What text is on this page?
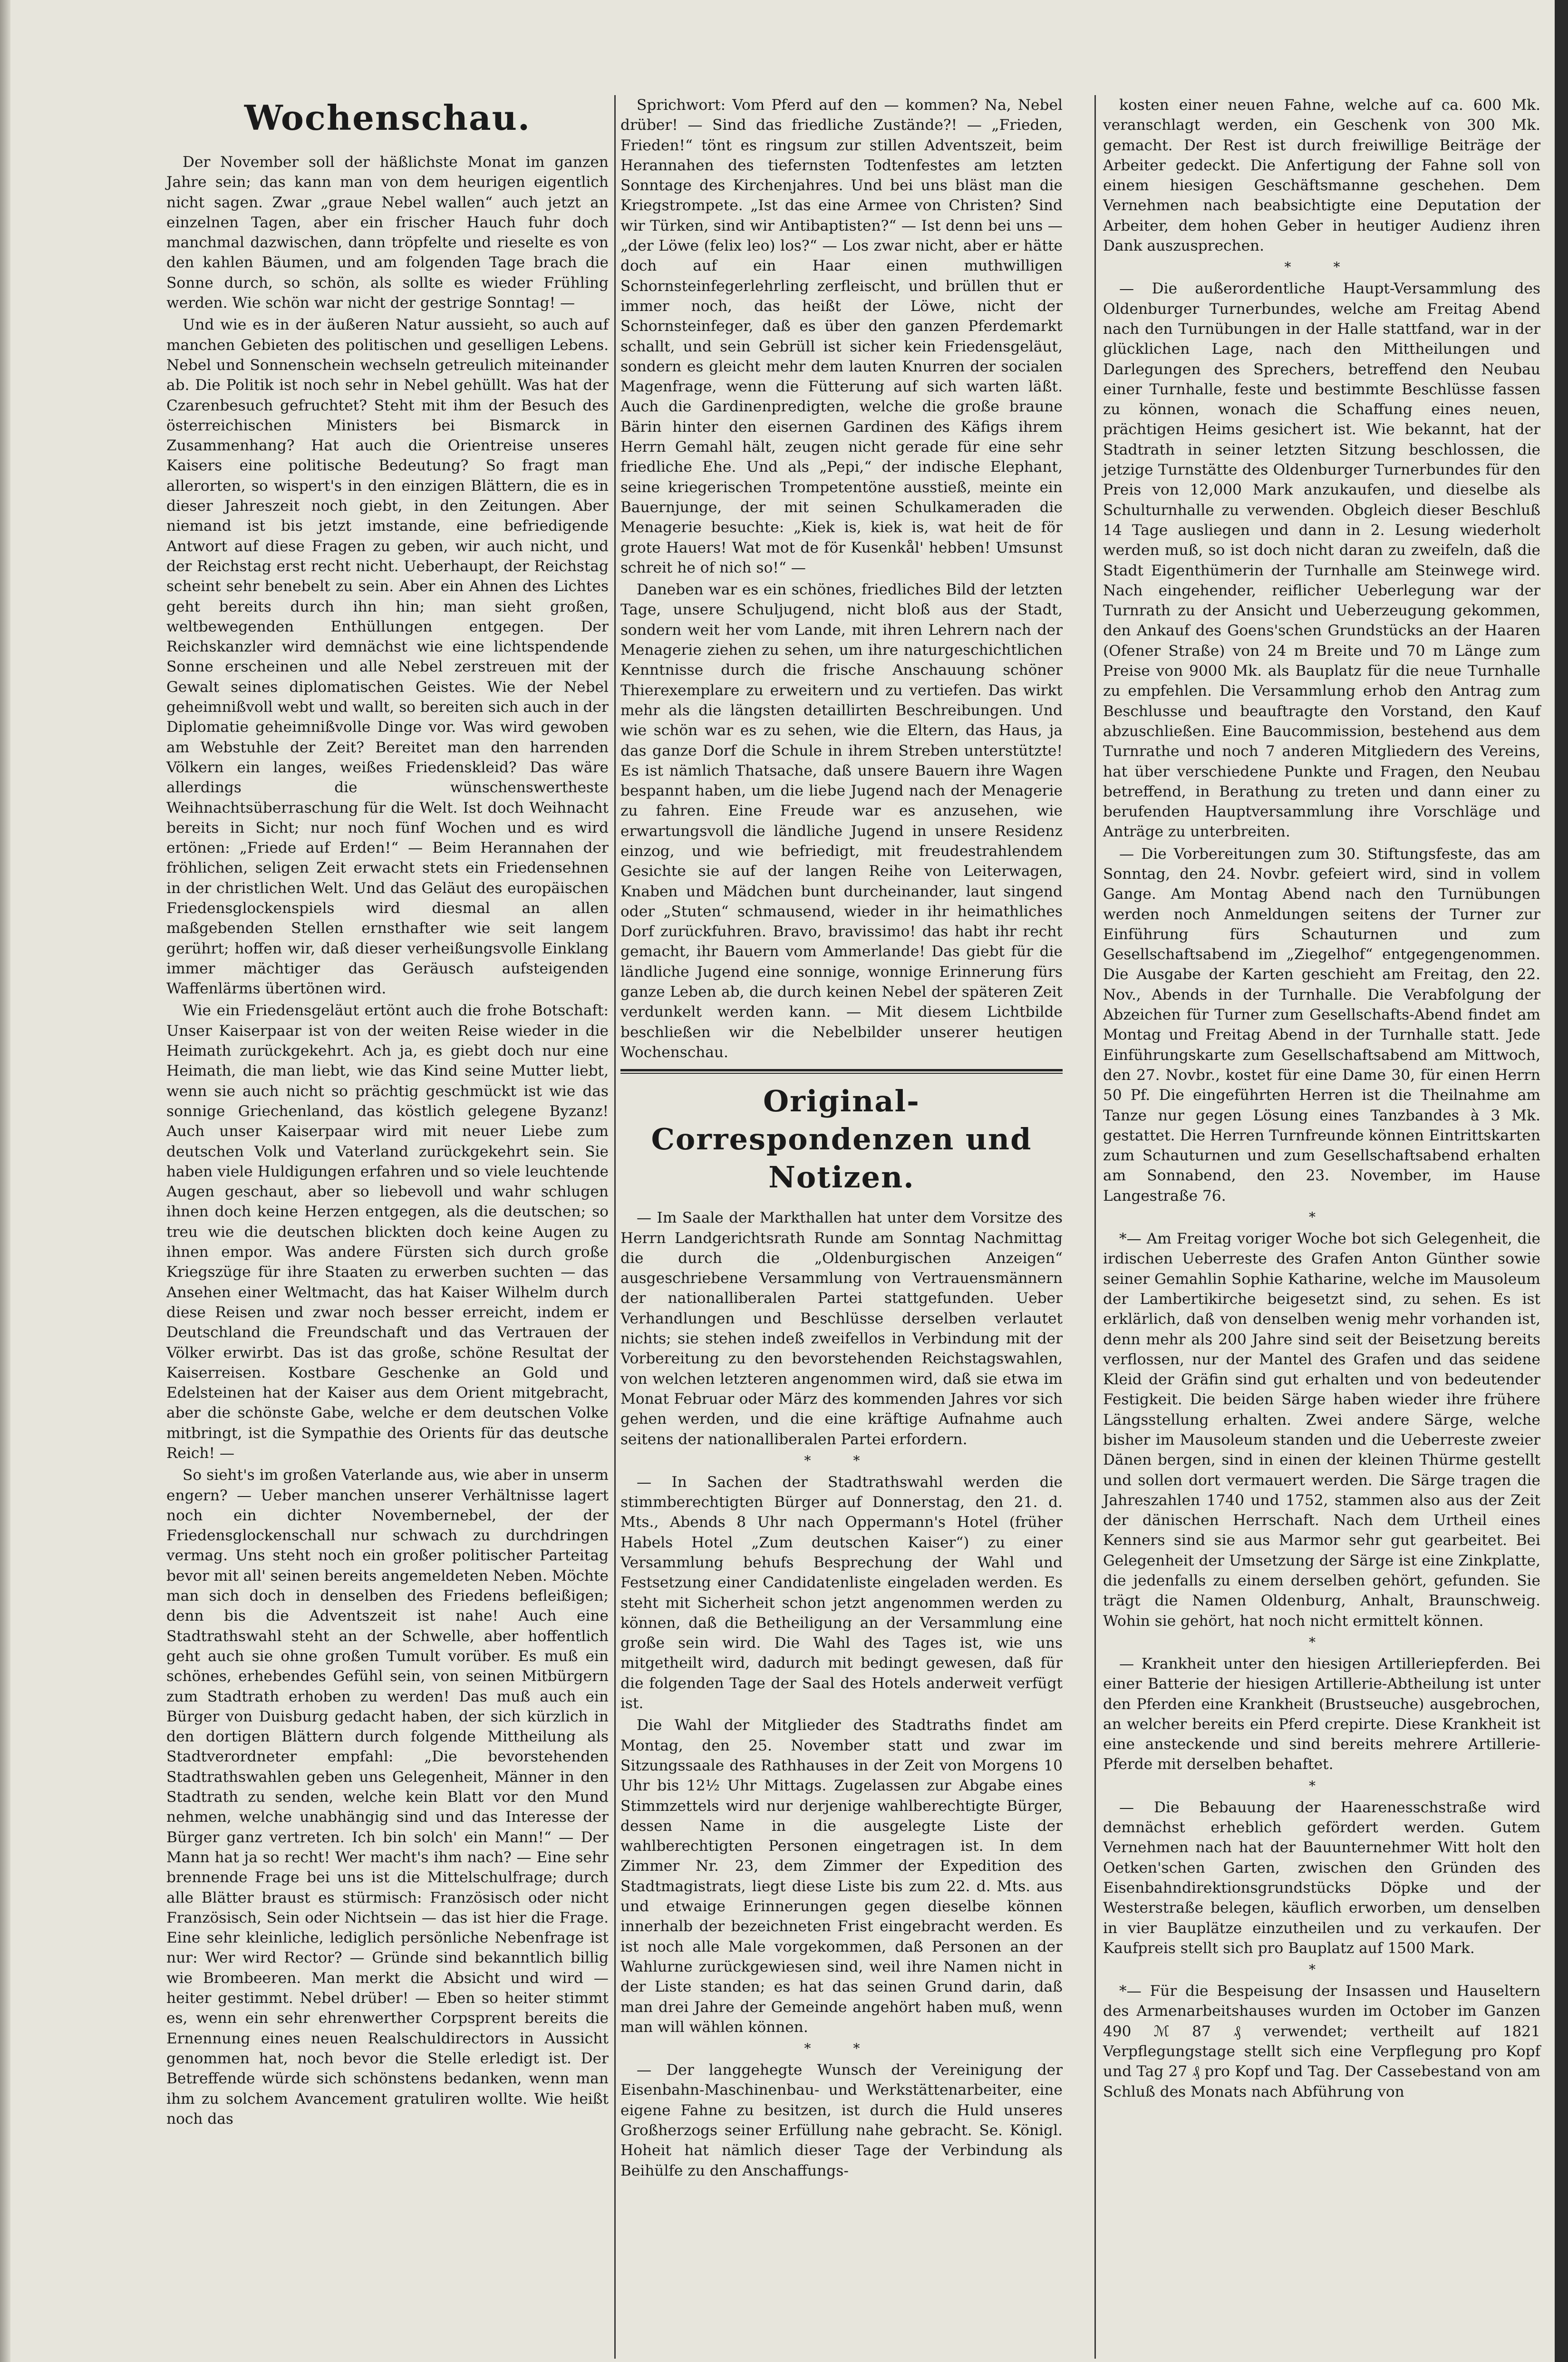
Wochenschau.

Der November soll der häßlichste Monat im ganzen Jahre sein; das kann man von dem heurigen eigentlich nicht sagen. Zwar „graue Nebel wallen“ auch jetzt an einzelnen Tagen, aber ein frischer Hauch fuhr doch manchmal dazwischen, dann tröpfelte und rieselte es von den kahlen Bäumen, und am folgenden Tage brach die Sonne durch, so schön, als sollte es wieder Frühling werden. Wie schön war nicht der gestrige Sonntag! —

Und wie es in der äußeren Natur aussieht, so auch auf manchen Gebieten des politischen und geselligen Lebens. Nebel und Sonnenschein wechseln getreulich miteinander ab. Die Politik ist noch sehr in Nebel gehüllt. Was hat der Czarenbesuch gefruchtet? Steht mit ihm der Besuch des österreichischen Ministers bei Bismarck in Zusammenhang? Hat auch die Orientreise unseres Kaisers eine politische Bedeutung? So fragt man allerorten, so wispert's in den einzigen Blättern, die es in dieser Jahreszeit noch giebt, in den Zeitungen. Aber niemand ist bis jetzt imstande, eine befriedigende Antwort auf diese Fragen zu geben, wir auch nicht, und der Reichstag erst recht nicht. Ueberhaupt, der Reichstag scheint sehr benebelt zu sein. Aber ein Ahnen des Lichtes geht bereits durch ihn hin; man sieht großen, weltbewegenden Enthüllungen entgegen. Der Reichskanzler wird demnächst wie eine lichtspendende Sonne erscheinen und alle Nebel zerstreuen mit der Gewalt seines diplomatischen Geistes. Wie der Nebel geheimnißvoll webt und wallt, so bereiten sich auch in der Diplomatie geheimnißvolle Dinge vor. Was wird gewoben am Webstuhle der Zeit? Bereitet man den harrenden Völkern ein langes, weißes Friedenskleid? Das wäre allerdings die wünschenswertheste Weihnachtsüberraschung für die Welt. Ist doch Weihnacht bereits in Sicht; nur noch fünf Wochen und es wird ertönen: „Friede auf Erden!“ — Beim Herannahen der fröhlichen, seligen Zeit erwacht stets ein Friedensehnen in der christlichen Welt. Und das Geläut des europäischen Friedensglockenspiels wird diesmal an allen maßgebenden Stellen ernsthafter wie seit langem gerührt; hoffen wir, daß dieser verheißungsvolle Einklang immer mächtiger das Geräusch aufsteigenden Waffenlärms übertönen wird.

Wie ein Friedensgeläut ertönt auch die frohe Botschaft: Unser Kaiserpaar ist von der weiten Reise wieder in die Heimath zurückgekehrt. Ach ja, es giebt doch nur eine Heimath, die man liebt, wie das Kind seine Mutter liebt, wenn sie auch nicht so prächtig geschmückt ist wie das sonnige Griechenland, das köstlich gelegene Byzanz! Auch unser Kaiserpaar wird mit neuer Liebe zum deutschen Volk und Vaterland zurückgekehrt sein. Sie haben viele Huldigungen erfahren und so viele leuchtende Augen geschaut, aber so liebevoll und wahr schlugen ihnen doch keine Herzen entgegen, als die deutschen; so treu wie die deutschen blickten doch keine Augen zu ihnen empor. Was andere Fürsten sich durch große Kriegszüge für ihre Staaten zu erwerben suchten — das Ansehen einer Weltmacht, das hat Kaiser Wilhelm durch diese Reisen und zwar noch besser erreicht, indem er Deutschland die Freundschaft und das Vertrauen der Völker erwirbt. Das ist das große, schöne Resultat der Kaiserreisen. Kostbare Geschenke an Gold und Edelsteinen hat der Kaiser aus dem Orient mitgebracht, aber die schönste Gabe, welche er dem deutschen Volke mitbringt, ist die Sympathie des Orients für das deutsche Reich! —

So sieht's im großen Vaterlande aus, wie aber in unserm engern? — Ueber manchen unserer Verhältnisse lagert noch ein dichter Novembernebel, der der Friedensglockenschall nur schwach zu durchdringen vermag. Uns steht noch ein großer politischer Parteitag bevor mit all' seinen bereits angemeldeten Neben. Möchte man sich doch in denselben des Friedens befleißigen; denn bis die Adventszeit ist nahe! Auch eine Stadtrathswahl steht an der Schwelle, aber hoffentlich geht auch sie ohne großen Tumult vorüber. Es muß ein schönes, erhebendes Gefühl sein, von seinen Mitbürgern zum Stadtrath erhoben zu werden! Das muß auch ein Bürger von Duisburg gedacht haben, der sich kürzlich in den dortigen Blättern durch folgende Mittheilung als Stadtverordneter empfahl: „Die bevorstehenden Stadtrathswahlen geben uns Gelegenheit, Männer in den Stadtrath zu senden, welche kein Blatt vor den Mund nehmen, welche unabhängig sind und das Interesse der Bürger ganz vertreten. Ich bin solch' ein Mann!“ — Der Mann hat ja so recht! Wer macht's ihm nach? — Eine sehr brennende Frage bei uns ist die Mittelschulfrage; durch alle Blätter braust es stürmisch: Französisch oder nicht Französisch, Sein oder Nichtsein — das ist hier die Frage. Eine sehr kleinliche, lediglich persönliche Nebenfrage ist nur: Wer wird Rector? — Gründe sind bekanntlich billig wie Brombeeren. Man merkt die Absicht und wird — heiter gestimmt. Nebel drüber! — Eben so heiter stimmt es, wenn ein sehr ehrenwerther Corpsprent bereits die Ernennung eines neuen Realschuldirectors in Aussicht genommen hat, noch bevor die Stelle erledigt ist. Der Betreffende würde sich schönstens bedanken, wenn man ihm zu solchem Avancement gratuliren wollte. Wie heißt noch das

Sprichwort: Vom Pferd auf den — kommen? Na, Nebel drüber! — Sind das friedliche Zustände?! — „Frieden, Frieden!“ tönt es ringsum zur stillen Adventszeit, beim Herannahen des tiefernsten Todtenfestes am letzten Sonntage des Kirchenjahres. Und bei uns bläst man die Kriegstrompete. „Ist das eine Armee von Christen? Sind wir Türken, sind wir Antibaptisten?“ — Ist denn bei uns — „der Löwe (felix leo) los?“ — Los zwar nicht, aber er hätte doch auf ein Haar einen muthwilligen Schornsteinfegerlehrling zerfleischt, und brüllen thut er immer noch, das heißt der Löwe, nicht der Schornsteinfeger, daß es über den ganzen Pferdemarkt schallt, und sein Gebrüll ist sicher kein Friedensgeläut, sondern es gleicht mehr dem lauten Knurren der socialen Magenfrage, wenn die Fütterung auf sich warten läßt. Auch die Gardinenpredigten, welche die große braune Bärin hinter den eisernen Gardinen des Käfigs ihrem Herrn Gemahl hält, zeugen nicht gerade für eine sehr friedliche Ehe. Und als „Pepi,“ der indische Elephant, seine kriegerischen Trompetentöne ausstieß, meinte ein Bauernjunge, der mit seinen Schulkameraden die Menagerie besuchte: „Kiek is, kiek is, wat heit de för grote Hauers! Wat mot de för Kusenkål' hebben! Umsunst schreit he of nich so!“ —

Daneben war es ein schönes, friedliches Bild der letzten Tage, unsere Schuljugend, nicht bloß aus der Stadt, sondern weit her vom Lande, mit ihren Lehrern nach der Menagerie ziehen zu sehen, um ihre naturgeschichtlichen Kenntnisse durch die frische Anschauung schöner Thierexemplare zu erweitern und zu vertiefen. Das wirkt mehr als die längsten detaillirten Beschreibungen. Und wie schön war es zu sehen, wie die Eltern, das Haus, ja das ganze Dorf die Schule in ihrem Streben unterstützte! Es ist nämlich Thatsache, daß unsere Bauern ihre Wagen bespannt haben, um die liebe Jugend nach der Menagerie zu fahren. Eine Freude war es anzusehen, wie erwartungsvoll die ländliche Jugend in unsere Residenz einzog, und wie befriedigt, mit freudestrahlendem Gesichte sie auf der langen Reihe von Leiterwagen, Knaben und Mädchen bunt durcheinander, laut singend oder „Stuten“ schmausend, wieder in ihr heimathliches Dorf zurückfuhren. Bravo, bravissimo! das habt ihr recht gemacht, ihr Bauern vom Ammerlande! Das giebt für die ländliche Jugend eine sonnige, wonnige Erinnerung fürs ganze Leben ab, die durch keinen Nebel der späteren Zeit verdunkelt werden kann. — Mit diesem Lichtbilde beschließen wir die Nebelbilder unserer heutigen Wochenschau.

Original-Correspondenzen und Notizen.

— Im Saale der Markthallen hat unter dem Vorsitze des Herrn Landgerichtsrath Runde am Sonntag Nachmittag die durch die „Oldenburgischen Anzeigen“ ausgeschriebene Versammlung von Vertrauensmännern der nationalliberalen Partei stattgefunden. Ueber Verhandlungen und Beschlüsse derselben verlautet nichts; sie stehen indeß zweifellos in Verbindung mit der Vorbereitung zu den bevorstehenden Reichstagswahlen, von welchen letzteren angenommen wird, daß sie etwa im Monat Februar oder März des kommenden Jahres vor sich gehen werden, und die eine kräftige Aufnahme auch seitens der nationalliberalen Partei erfordern.

* *

— In Sachen der Stadtrathswahl werden die stimmberechtigten Bürger auf Donnerstag, den 21. d. Mts., Abends 8 Uhr nach Oppermann's Hotel (früher Habels Hotel „Zum deutschen Kaiser“) zu einer Versammlung behufs Besprechung der Wahl und Festsetzung einer Candidatenliste eingeladen werden. Es steht mit Sicherheit schon jetzt angenommen werden zu können, daß die Betheiligung an der Versammlung eine große sein wird. Die Wahl des Tages ist, wie uns mitgetheilt wird, dadurch mit bedingt gewesen, daß für die folgenden Tage der Saal des Hotels anderweit verfügt ist.

Die Wahl der Mitglieder des Stadtraths findet am Montag, den 25. November statt und zwar im Sitzungssaale des Rathhauses in der Zeit von Morgens 10 Uhr bis 12½ Uhr Mittags. Zugelassen zur Abgabe eines Stimmzettels wird nur derjenige wahlberechtigte Bürger, dessen Name in die ausgelegte Liste der wahlberechtigten Personen eingetragen ist. In dem Zimmer Nr. 23, dem Zimmer der Expedition des Stadtmagistrats, liegt diese Liste bis zum 22. d. Mts. aus und etwaige Erinnerungen gegen dieselbe können innerhalb der bezeichneten Frist eingebracht werden. Es ist noch alle Male vorgekommen, daß Personen an der Wahlurne zurückgewiesen sind, weil ihre Namen nicht in der Liste standen; es hat das seinen Grund darin, daß man drei Jahre der Gemeinde angehört haben muß, wenn man will wählen können.

* *

— Der langgehegte Wunsch der Vereinigung der Eisenbahn-Maschinenbau- und Werkstättenarbeiter, eine eigene Fahne zu besitzen, ist durch die Huld unseres Großherzogs seiner Erfüllung nahe gebracht. Se. Königl. Hoheit hat nämlich dieser Tage der Verbindung als Beihülfe zu den Anschaffungs-

kosten einer neuen Fahne, welche auf ca. 600 Mk. veranschlagt werden, ein Geschenk von 300 Mk. gemacht. Der Rest ist durch freiwillige Beiträge der Arbeiter gedeckt. Die Anfertigung der Fahne soll von einem hiesigen Geschäftsmanne geschehen. Dem Vernehmen nach beabsichtigte eine Deputation der Arbeiter, dem hohen Geber in heutiger Audienz ihren Dank auszusprechen.

* *

— Die außerordentliche Haupt-Versammlung des Oldenburger Turnerbundes, welche am Freitag Abend nach den Turnübungen in der Halle stattfand, war in der glücklichen Lage, nach den Mittheilungen und Darlegungen des Sprechers, betreffend den Neubau einer Turnhalle, feste und bestimmte Beschlüsse fassen zu können, wonach die Schaffung eines neuen, prächtigen Heims gesichert ist. Wie bekannt, hat der Stadtrath in seiner letzten Sitzung beschlossen, die jetzige Turnstätte des Oldenburger Turnerbundes für den Preis von 12,000 Mark anzukaufen, und dieselbe als Schulturnhalle zu verwenden. Obgleich dieser Beschluß 14 Tage ausliegen und dann in 2. Lesung wiederholt werden muß, so ist doch nicht daran zu zweifeln, daß die Stadt Eigenthümerin der Turnhalle am Steinwege wird. Nach eingehender, reiflicher Ueberlegung war der Turnrath zu der Ansicht und Ueberzeugung gekommen, den Ankauf des Goens'schen Grundstücks an der Haaren (Ofener Straße) von 24 m Breite und 70 m Länge zum Preise von 9000 Mk. als Bauplatz für die neue Turnhalle zu empfehlen. Die Versammlung erhob den Antrag zum Beschlusse und beauftragte den Vorstand, den Kauf abzuschließen. Eine Baucommission, bestehend aus dem Turnrathe und noch 7 anderen Mitgliedern des Vereins, hat über verschiedene Punkte und Fragen, den Neubau betreffend, in Berathung zu treten und dann einer zu berufenden Hauptversammlung ihre Vorschläge und Anträge zu unterbreiten.

— Die Vorbereitungen zum 30. Stiftungsfeste, das am Sonntag, den 24. Novbr. gefeiert wird, sind in vollem Gange. Am Montag Abend nach den Turnübungen werden noch Anmeldungen seitens der Turner zur Einführung fürs Schauturnen und zum Gesellschaftsabend im „Ziegelhof“ entgegengenommen. Die Ausgabe der Karten geschieht am Freitag, den 22. Nov., Abends in der Turnhalle. Die Verabfolgung der Abzeichen für Turner zum Gesellschafts-Abend findet am Montag und Freitag Abend in der Turnhalle statt. Jede Einführungskarte zum Gesellschaftsabend am Mittwoch, den 27. Novbr., kostet für eine Dame 30, für einen Herrn 50 Pf. Die eingeführten Herren ist die Theilnahme am Tanze nur gegen Lösung eines Tanzbandes à 3 Mk. gestattet. Die Herren Turnfreunde können Eintrittskarten zum Schauturnen und zum Gesellschaftsabend erhalten am Sonnabend, den 23. November, im Hause Langestraße 76.

*

*— Am Freitag voriger Woche bot sich Gelegenheit, die irdischen Ueberreste des Grafen Anton Günther sowie seiner Gemahlin Sophie Katharine, welche im Mausoleum der Lambertikirche beigesetzt sind, zu sehen. Es ist erklärlich, daß von denselben wenig mehr vorhanden ist, denn mehr als 200 Jahre sind seit der Beisetzung bereits verflossen, nur der Mantel des Grafen und das seidene Kleid der Gräfin sind gut erhalten und von bedeutender Festigkeit. Die beiden Särge haben wieder ihre frühere Längsstellung erhalten. Zwei andere Särge, welche bisher im Mausoleum standen und die Ueberreste zweier Dänen bergen, sind in einen der kleinen Thürme gestellt und sollen dort vermauert werden. Die Särge tragen die Jahreszahlen 1740 und 1752, stammen also aus der Zeit der dänischen Herrschaft. Nach dem Urtheil eines Kenners sind sie aus Marmor sehr gut gearbeitet. Bei Gelegenheit der Umsetzung der Särge ist eine Zinkplatte, die jedenfalls zu einem derselben gehört, gefunden. Sie trägt die Namen Oldenburg, Anhalt, Braunschweig. Wohin sie gehört, hat noch nicht ermittelt können.

*

— Krankheit unter den hiesigen Artilleriepferden. Bei einer Batterie der hiesigen Artillerie-Abtheilung ist unter den Pferden eine Krankheit (Brustseuche) ausgebrochen, an welcher bereits ein Pferd crepirte. Diese Krankheit ist eine ansteckende und sind bereits mehrere Artillerie-Pferde mit derselben behaftet.

*

— Die Bebauung der Haarenesschstraße wird demnächst erheblich gefördert werden. Gutem Vernehmen nach hat der Bauunternehmer Witt holt den Oetken'schen Garten, zwischen den Gründen des Eisenbahndirektionsgrundstücks Döpke und der Westerstraße belegen, käuflich erworben, um denselben in vier Bauplätze einzutheilen und zu verkaufen. Der Kaufpreis stellt sich pro Bauplatz auf 1500 Mark.

*

*— Für die Bespeisung der Insassen und Hauseltern des Armenarbeitshauses wurden im October im Ganzen 490 ℳ 87 ₰ verwendet; vertheilt auf 1821 Verpflegungstage stellt sich eine Verpflegung pro Kopf und Tag 27 ₰ pro Kopf und Tag. Der Cassebestand von am Schluß des Monats nach Abführung von
